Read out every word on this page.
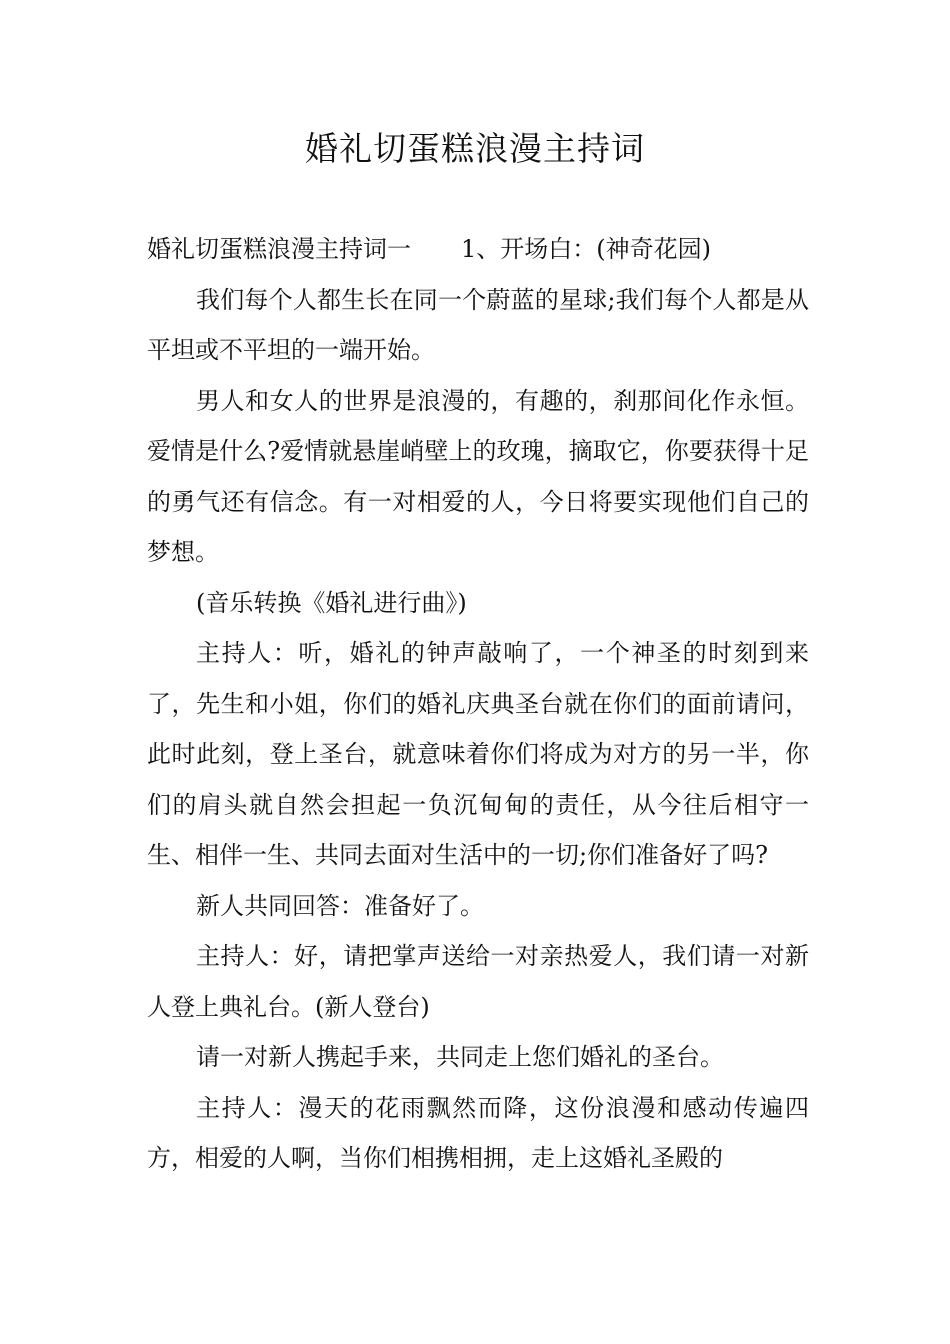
婚礼切蛋糕浪漫主持词

婚礼切蛋糕浪漫主持词一 1、开场白：(神奇花园)

我们每个人都生长在同一个蔚蓝的星球;我们每个人都是从平坦或不平坦的一端开始。

男人和女人的世界是浪漫的，有趣的，刹那间化作永恒。爱情是什么?爱情就悬崖峭壁上的玫瑰，摘取它，你要获得十足的勇气还有信念。有一对相爱的人，今日将要实现他们自己的梦想。

(音乐转换《婚礼进行曲》)

主持人：听，婚礼的钟声敲响了，一个神圣的时刻到来了，先生和小姐，你们的婚礼庆典圣台就在你们的面前请问，此时此刻，登上圣台，就意味着你们将成为对方的另一半，你们的肩头就自然会担起一负沉甸甸的责任，从今往后相守一生、相伴一生、共同去面对生活中的一切;你们准备好了吗?

新人共同回答：准备好了。

主持人：好，请把掌声送给一对亲热爱人，我们请一对新人登上典礼台。(新人登台)

请一对新人携起手来，共同走上您们婚礼的圣台。

主持人：漫天的花雨飘然而降，这份浪漫和感动传遍四方，相爱的人啊，当你们相携相拥，走上这婚礼圣殿的
